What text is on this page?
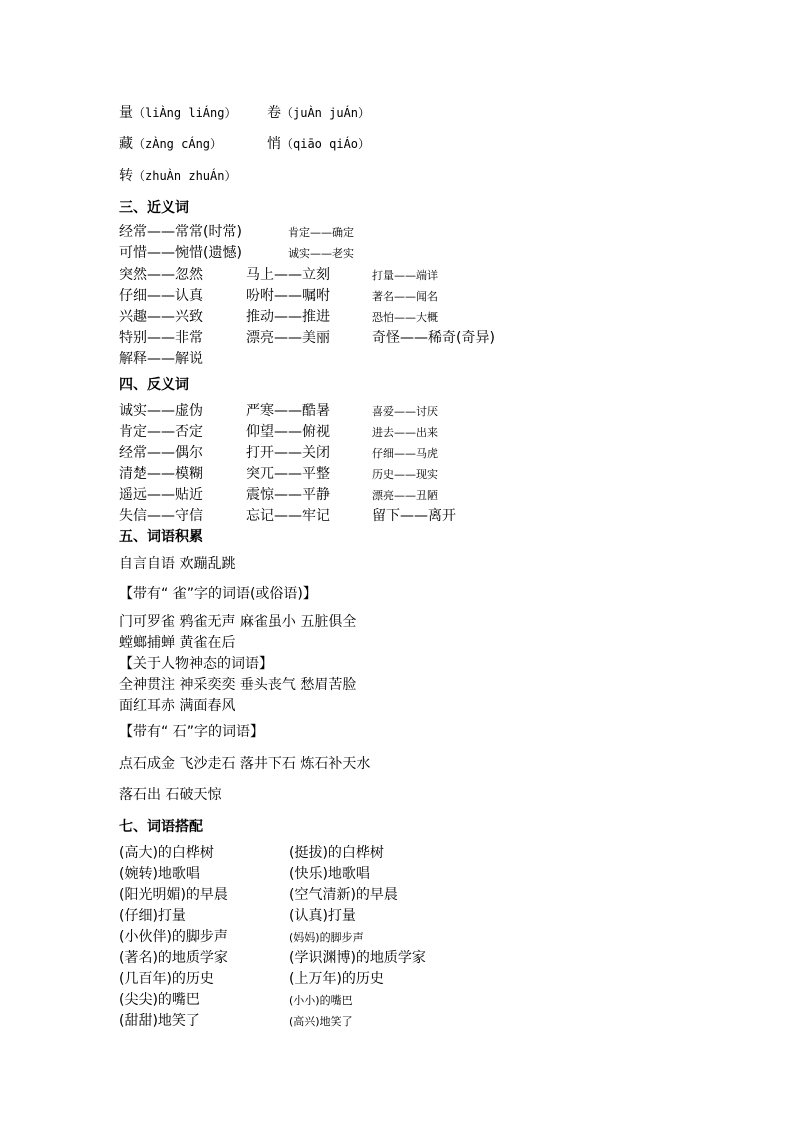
量（liÀng liÁng） 卷（juÀn juÁn）
藏（zÀng cÁng）	悄（qiāo qiÁo）
转（zhuÀn zhuÁn）
三、近义词
经常——常常(时常)	肯定——确定
可惜——惋惜(遗憾)	诚实——老实
突然——忽然	马上——立刻	打量——端详
仔细——认真	吩咐——嘱咐	著名——闻名
兴趣——兴致	推动——推进	恐怕——大概
特别——非常	漂亮——美丽	奇怪——稀奇(奇异)
解释——解说
四、反义词
诚实——虚伪	严寒——酷暑	喜爱——讨厌
肯定——否定	仰望——俯视	进去——出来
经常——偶尔	打开——关闭	仔细——马虎
清楚——模糊	突兀——平整	历史——现实
遥远——贴近	震惊——平静	漂亮——丑陋
失信——守信	忘记——牢记	留下——离开
五、词语积累
自言自语 欢蹦乱跳
【带有“ 雀”字的词语(或俗语)】
门可罗雀 鸦雀无声 麻雀虽小 五脏俱全
螳螂捕蝉 黄雀在后
【关于人物神态的词语】
全神贯注 神采奕奕 垂头丧气 愁眉苦脸
面红耳赤 满面春风
【带有“ 石”字的词语】
点石成金 飞沙走石 落井下石 炼石补天水
落石出 石破天惊
七、词语搭配
(高大)的白桦树	(挺拔)的白桦树
(婉转)地歌唱	(快乐)地歌唱
(阳光明媚)的早晨	(空气清新)的早晨
(仔细)打量	(认真)打量
(小伙伴)的脚步声	(妈妈)的脚步声
(著名)的地质学家	(学识渊博)的地质学家
(几百年)的历史	(上万年)的历史
(尖尖)的嘴巴	(小小)的嘴巴
(甜甜)地笑了	(高兴)地笑了
